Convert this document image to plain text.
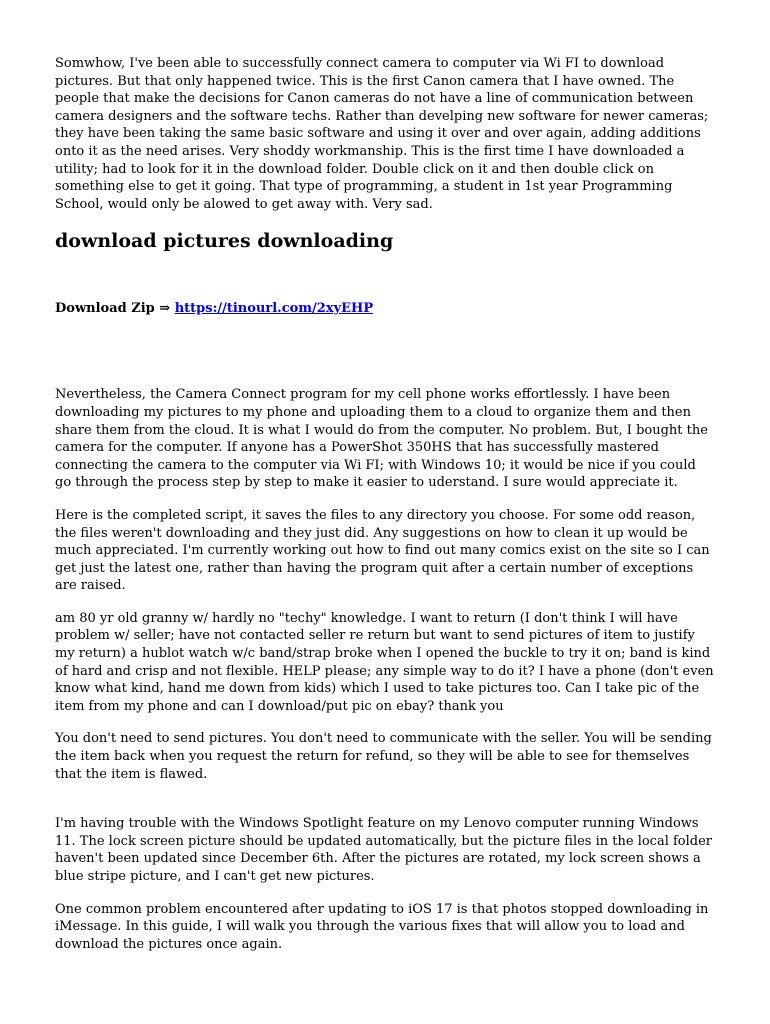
Somwhow, I've been able to successfully connect camera to computer via Wi FI to download pictures. But that only happened twice. This is the first Canon camera that I have owned. The people that make the decisions for Canon cameras do not have a line of communication between camera designers and the software techs. Rather than develping new software for newer cameras; they have been taking the same basic software and using it over and over again, adding additions onto it as the need arises. Very shoddy workmanship. This is the first time I have downloaded a utility; had to look for it in the download folder. Double click on it and then double click on something else to get it going. That type of programming, a student in 1st year Programming School, would only be alowed to get away with. Very sad.

download pictures downloading

Download Zip ⇒ https://tinourl.com/2xyEHP

Nevertheless, the Camera Connect program for my cell phone works effortlessly. I have been downloading my pictures to my phone and uploading them to a cloud to organize them and then share them from the cloud. It is what I would do from the computer. No problem. But, I bought the camera for the computer. If anyone has a PowerShot 350HS that has successfully mastered connecting the camera to the computer via Wi FI; with Windows 10; it would be nice if you could go through the process step by step to make it easier to uderstand. I sure would appreciate it.

Here is the completed script, it saves the files to any directory you choose. For some odd reason, the files weren't downloading and they just did. Any suggestions on how to clean it up would be much appreciated. I'm currently working out how to find out many comics exist on the site so I can get just the latest one, rather than having the program quit after a certain number of exceptions are raised.

am 80 yr old granny w/ hardly no "techy" knowledge. I want to return (I don't think I will have problem w/ seller; have not contacted seller re return but want to send pictures of item to justify my return) a hublot watch w/c band/strap broke when I opened the buckle to try it on; band is kind of hard and crisp and not flexible. HELP please; any simple way to do it? I have a phone (don't even know what kind, hand me down from kids) which I used to take pictures too. Can I take pic of the item from my phone and can I download/put pic on ebay? thank you

You don't need to send pictures. You don't need to communicate with the seller. You will be sending the item back when you request the return for refund, so they will be able to see for themselves that the item is flawed.

I'm having trouble with the Windows Spotlight feature on my Lenovo computer running Windows 11. The lock screen picture should be updated automatically, but the picture files in the local folder haven't been updated since December 6th. After the pictures are rotated, my lock screen shows a blue stripe picture, and I can't get new pictures.

One common problem encountered after updating to iOS 17 is that photos stopped downloading in iMessage. In this guide, I will walk you through the various fixes that will allow you to load and download the pictures once again.
